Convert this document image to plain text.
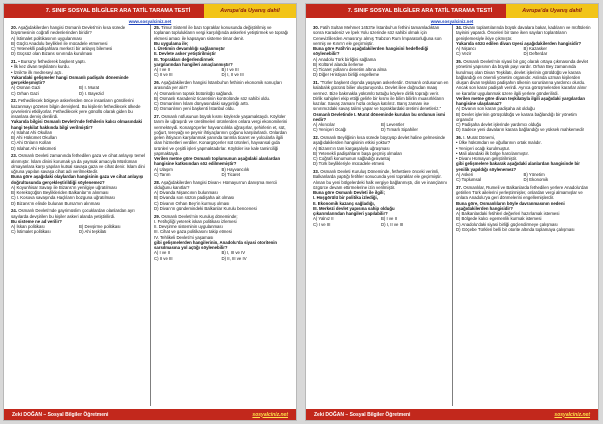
7. SINIF SOSYAL BİLGİLER ARA TATİL TARAMA TESTİ	Avrupa’da Uyanış dahil
www.sosyalciniz.net
20. Aşağıdakilerden hangisi Osmanlı Devleti’nin kısa sürede büyümesinin coğrafi nedenlerinden biridir?
A) İstimalet politikasının uygulanması
B) Güçlü Anadolu beylikleri ile mücadele etmemesi
C) Yeteneklli padişahlara merkezi bir anlayış bilemesi
D) Güçsüz olan Bizans sınırında kurulması
21. • Bursa’yı fethederek başkent yaptı.
• İlk kez divan teşkilatını kurdu.
• İznik’te ilk medreseyi açtı.
Yukarıdaki gelişmeler hangi Osmanlı padişahı döneminde gerçekleşmiştir?
A) Osman Gazi	B) I. Murat
C) Orhan Gazi	D) I. Bayezid
22. Fethedilecek bölgeye askerlerden önce insanların gönüllerini kazanmayı gözeten bilgin dervişlerd. Bu kişilerin fethedilecek ülkede çevrelerini etkiliyorlar. Fethedilecek yere gönüllü olarak giden bu insanlara derviş denilirdi.
Yukarıda bilgisi Osmanlı Devleti’nde fethilerin kalıcı olmasındaki hangi teşkilat hakkında bilgi verilmiştir?
A) Islahat Ahi Okulları
B) Ahi Hükümet Okulları
C) Ahi Onların Kolları
D) Islahat Ahi Hükümeti
23. Osmanlı Devleti zamanında fethedilen gaza ve cihat anlayışı temel alınmıştır. İslam dinini korumak ya da yaymak amacıyla Müslüman olmayanlara karşı yapılan kutsal savaşa gaza ve cihat denir. İslam dini uğruna yapılan savaşa cihat adı verilmektedir.
Buna göre aşağıdaki olaylardan hangisinin gaza ve cihat anlayışı doğrultusunda gerçekleştirildiği söylenemez?
A) Koyunhisar Savaşı ile Bizans’ın yenilgiye uğratılması
B) Kereküçüğün Beylikleriden Balkanlar’ın alınması
C) I. Kosova savaşında Haçlıların bozguna uğratılması
D) Bizans’ın elinde bulunan Bursa’nın alınması
24. Osmanlı Devleti’nde gayrimüslim çocuklardan olanlardan ayrı sayılarda devşirilen bu kişiler askeri alanda yetiştirilirdi.
Bu sisteme ne ad verilir?
A) İskan politikası	B) Devşirme politikası
C) İstimalet politikası	D) Ahi teşkilatı
25. Timur Sisteml ile bazı topraklar konusunda değiştirilmiş ve toplanan toplulukların vergi karşılığında askerleri yetiştirmek ve toprağı ekmesi amacı ile kapsayan sisteme timar denir.
Bu uygulama ile;
I. Üretimin devamlılığı sağlanmıştır
II. Devlete asker yetiştirilmiştir
III. Toprakları değerlendirmek
yargılarından hangileri amaçlanmıştır?
A) I ve II	B) I ve III
C) II ve III	D) I, II ve III
26. Aşağıdakilerden hangisi İstanbul’un fethinin ekonomik sonuçları arasında yer alır?
A) Osmanlının toprak bütünlüğü sağlandı.
B) Osmanlı Karadeniz ticaretinin kontrolünde söz sahibi oldu.
C) Osmanlının İslam dünyasındaki saygınlığı arttı.
D) Osmanlının yeni başkenti İstanbul oldu.
27. Osmanlı nüfusunun büyük kısmı köylerde yaşamaktaydı. Köylüler tarım ile uğraşırdı ve üretilmeleri ürünlerden onlara vergi ekonomilerini vermekteydi. Konargöçerler hayvancılıkla uğraşırlar, şehirlerin et, süt, yoğurt, tereyağı ve peynir ihtiyaçlarının çoğunu karşılarlardı. Onlardan gelen ihtiyacın karşılanmak yanında tarımla ticaret ve yolcularla ilgili olan hizmetleri verdiler. Konargöçerler süt ürünleri, hayvansal gıda ürünleri ve çeşitli işleri yapmaktadırlar. Köylüler ise kale tamirciliği yapmaktaydı.
Verilen metne göre Osmanlı toplumunun aşağıdaki alanlardan hangisine katkısından söz edilmemiştir?
A) Ulaşım	B) Hayvancılık
C) Tarım	D) Ticaret
28. Aşağıdakilerden hangisi Divan-ı Hümayun’un danışma mercii olduğunu kanıtlar?
A) Divanda Nişancının bulunması
B) Divanda son sözün padişaha ait olması
C) Divanın Orhan Bey’in kurmuş olması
D) Divan’ın gündemindeki Balkanlar Kurulu bencenesi
29. Osmanlı Devleti’nin Kuruluş döneminde;
I. Fetihçiliği yeterek iskan politikası izlemesi
II. Devşirme sisteminin uygulanması
III. Cihat ve gaza politikasını takip etmesi
IV. Tehlikeli Devleti’ni yaşaması
gibi gelişmelerden hangilerinin, Anadolu’da siyasi otoritenin sarsılmasına yol açtığı söylenebilir?
A) I ve II	B) I, III ve IV
C) II ve III	D) II, III ve IV
Zeki DOĞAN – Sosyal Bilgiler Öğretmeni	sosyalciniz.net
7. SINIF SOSYAL BİLGİLER ARA TATİL TARAMA TESTİ	Avrupa’da Uyanış dahil
www.sosyalciniz.net
30. Fatih Sultan Mehmet 1453’te İstanbul’un fethini tamamladıktan sonra Karadeniz ve İpek Yolu üzerinde söz sahibi olmak için Cenevizlilerden Amasra’yı almış Trabzon Rum İmparatorluğuna son vermiş ve Kırım’ı ele geçirmiştir.
Buna göre Fatih’in aşağıdakilerden hangisini hedeflediği söylenebilir?
A) Anadolu Türk birliğini sağlama
B) Kültürel alanda ilerleme
C) Ticaret yollarını denetim altına alma
D) Diğer Hristiyan birliği engelleme
31. “Türler başkent dışında yaşayan askerlerdir. Osmanlı ordusunun en kalabalık gücünü bilier oluşturuyordu. Devlet iliee doğrudan maaş vermez. Bize bakmakla yükümlü tuttuğu köylere dirlik toprağı verir. Dirlik sahipleri ekip ettiği gelirle bir kısmı ile bilim bilirlin muasırlıkların kazılar. Savaş zamanı hızla orduya katılırız. Barış zamanı ise sınırımızdaki savaş talimi yapar ve topraklardaki üretimi denetleriz.”
Osmanlı Devletinde I. Murat döneminde kurulan bu ordunun ismi nedir?
A) Akıncılar	B) Leventler
C) Yeniçeri Ocağı	D) Tımarlı Sipahiler
32. Osmanlı Beyliğinin kısa sürede büyüyüp devlet haline gelmesinde aşağıdakilerden hangisinin etkisi yoktur?
A) Bizans’ın tam kargaşalıyla uğraşması
B) Yetenekli padişahların başa geçmiş olmaları
C) Coğrafi konumunun sağladığı avantaj
D) Türk beylikleriyle mücadele etmesi
33. Osmanlı Devleti Kuruluş Döneminde, fethettiere önceki verimli, Balkanlarda yaptığı fetihler sonucunda yeni topraklar ele geçirmiştir. Alınan bu yeni bölgelerdeki halk vergiye bağlanmıştı, din ve inançlarını özgürce devam ettirmelerine izin verilmiştir.
Buna göre Osmanlı Devleti ile ilgili;
I. Hoşgörülü bir politika izlediği,
II. Ekonomik kazanç sağladığı,
III. Merkezi devlet yapısına sahip olduğu
çıkarımlarından hangileri yapılabilir?
A) Yalnız II	B) I ve II
C) I ve III	D) I, II ve III
34. Divanı toplantılarında büyük davalara bakar, kadıların ve müftülerin tayinini yapardı. Önceleri bir tane iken sayıları toplantıların genişlemesiyle ikiye çıkmıştır.
Yukarıda sözü edilen divan üyesi aşağıdakilerden hangisidir?
A) Nişancı	B) Kazasker
C) Vezir	D) Defterdar
35. Osmanlı Devleti’nin siyasi bir güç olarak ortaya çıkmasında devlet yönetimi yapısının da büyük payı vardır. Orhan Bey zamanında kurulmuş olan Divan Teşkilatı, devlet işlerinin görüldüğü ve karara bağlandığı en önemli yönetim organıdır. Aslında uzman kişilerden oluşan divan teşkilatı padişahın ülkenin sorunlarına yardımcı olurdu. Ancak son karar padişah verirdi. Ayrıca görüşmelerden kararlar alınır ve kararlar uygulanmak üzere ilgili yerlere gönderilirdi.
Verilen metne göre divan teşkilatıyla ilgili aşağıdaki yargılardan hangisine ulaşılamaz?
A) Divanın son kararı padişaha ait olduğu
B) Devlet işlerinin görüşüldüğü ve karara bağlandığı bir yönetim organıdır
C) Padişaha devlet işlerinde yardımcı olduğu
D) Sadece yeni davaların karara bağlandığı ve yüksek mahkemedir
36. I. Murat Dönemi,
• Ülke hükümdarı ve oğullarının ortak malıdır.
• Yeniçeri ocağı kurulmuştur.
• Mali alandaki ilk bölge harcılanmıştır.
• Divanı Hümayun geliştirilmiştir.
gibi gelişmelere bakarak aşağıdaki alanlardan hangisinde bir yenilik yapıldığı söylenemez?
A) Askeri	B) Yönetim
C) Toplumsal	D) Ekonomik
37. Osmanlılar, Rumeli ve Balkanlarda fethedilen yerlere Anadolu’dan getirilen Türk ailelerini yerleştirmişler, onlardan vergi almamışlar ve onlara Anadolu’ya geri dönmelerini engellemişlerdir.
Buna göre, Osmanlıların böyle davranmasının nedeni aşağıdakilerden hangisidir?
A) Balkanlardaki fetihleri değerleri hazırlamak istemesi
B) Bölgede kalıcı egemenlik kurmak istemesi
C) Anadolu’daki siyasi birliği güçlendirmeye çalışması
D) Göçebe Türkleri belli bir otorite altında toplamaya çalışması
Zeki DOĞAN – Sosyal Bilgiler Öğretmeni	sosyalciniz.net
